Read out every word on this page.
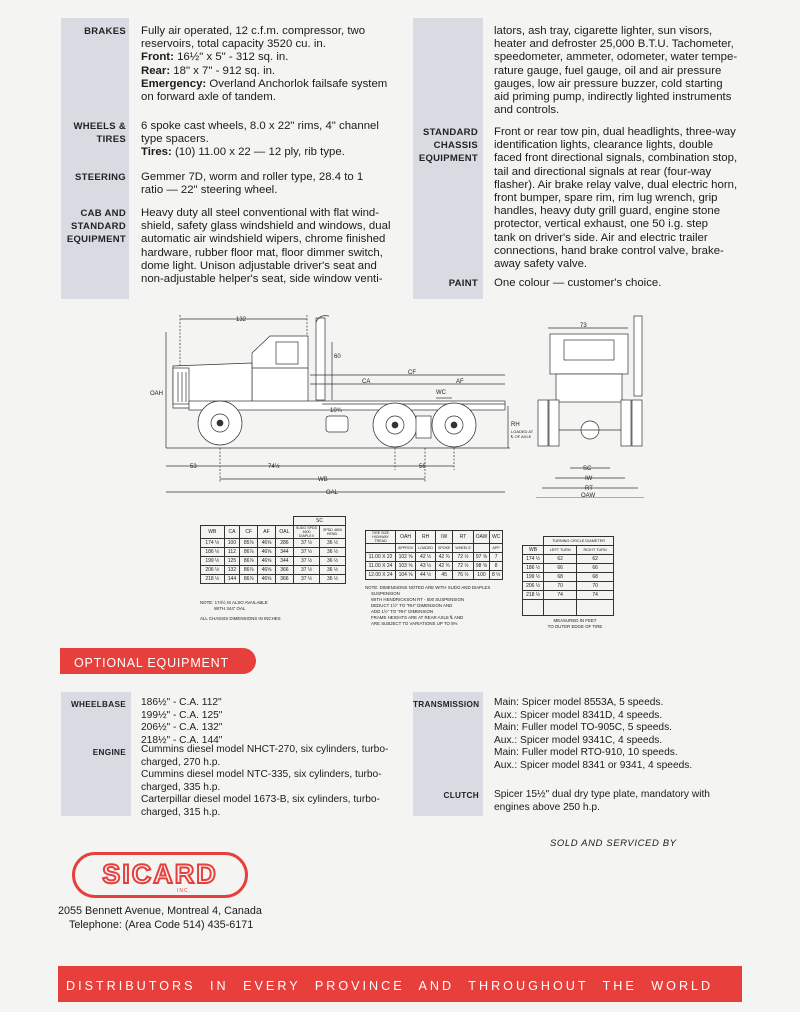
BRAKES Fully air operated, 12 c.f.m. compressor, two
reservoirs, total capacity 3520 cu. in.
Front: 16½" x 5" - 312 sq. in.
Rear: 18" x 7" - 912 sq. in.
Emergency: Overland Anchorlok failsafe system
on forward axle of tandem.
WHEELS &
TIRES
6 spoke cast wheels, 8.0 x 22" rims, 4" channel
type spacers.
Tires: (10) 11.00 x 22 — 12 ply, rib type.
STEERING Gemmer 7D, worm and roller type, 28.4 to 1
ratio — 22" steering wheel.
CAB AND
STANDARD
EQUIPMENT
Heavy duty all steel conventional with flat wind-
shield, safety glass windshield and windows, dual
automatic air windshield wipers, chrome finished
hardware, rubber floor mat, floor dimmer switch,
dome light. Unison adjustable driver's seat and
non-adjustable helper's seat, side window venti-
lators, ash tray, cigarette lighter, sun visors,
heater and defroster 25,000 B.T.U. Tachometer,
speedometer, ammeter, odometer, water tempe-
rature gauge, fuel gauge, oil and air pressure
gauges, low air pressure buzzer, cold starting
aid priming pump, indirectly lighted instruments
and controls.
STANDARD
CHASSIS
EQUIPMENT
Front or rear tow pin, dual headlights, three-way
identification lights, clearance lights, double
faced front directional signals, combination stop,
tail and directional signals at rear (four-way
flasher). Air brake relay valve, dual electric horn,
front bumper, spare rim, rim lug wrench, grip
handles, heavy duty grill guard, engine stone
protector, vertical exhaust, one 50 i.g. step
tank on driver's side. Air and electric trailer
connections, hand brake control valve, brake-
away safety valve.
PAINT One colour — customer's choice.
132
60
10¾
OAH
CF
CA	AF
WC
RH
LOADED AT
℄ OF AXLE
53	74½	56
WB
OAL
73
SC
IW
RT
OAW
					SC	
WB	CA	CF	AF	OAL	SUDO SPDD 4600 DIAPLEX	SPDD 4600 HEND.
174 ½	100	85⅞	46⅝	286	37 ½	36 ½
186 ½	112	86⅞	46⅝	344	37 ½	36 ½
199 ½	125	86⅞	46⅝	344	37 ½	36 ½
206 ½	132	86⅞	46⅝	366	37 ½	36 ½
218 ½	144	86⅞	46⅝	366	37 ½	36 ½
NOTE: 174½ IS ALSO AVAILABLE
WITH 344" OAL
ALL CHASSIS DIMENSIONS IN INCHES
TIRE SIZE HIGHWAY TREAD	OAH	RH	IW	RT	OAW	WC
	APPROX	LOADED	SPOKE	WHEELS		APP
11.00 X 22	102 ⅝	42 ½	42 ¾	72 ½	97 ⅝	7
11.00 X 24	103 ⅝	43 ½	42 ¾	72 ½	98 ⅝	8
12.00 X 24	104 ⅝	44 ½	45	76 ½	100	8 ½
NOTE: DIMENSIONS NOTED ARE WITH SUDO AND DIAPLEX
SUSPENSION
WITH HENDRICKSON RT - 500 SUSPENSION
DEDUCT 1½" TO "RH" DIMENSION AND
ADD 1½" TO "RH" DIMENSION
FRAME HEIGHTS ARE AT REAR AXLE ℄ AND
ARE SUBJECT TO VARIATIONS UP TO 5%
	TURNING CIRCLE DIAMETER	
WB	LEFT TURN	RIGHT TURN
174 ½	62	62
186 ½	66	66
199 ½	68	68
206 ½	70	70
218 ½	74	74

MEASURED IN FEET
TO OUTER EDGE OF TIRE
OPTIONAL EQUIPMENT
WHEELBASE 186½" - C.A. 112"
199½" - C.A. 125"
206½" - C.A. 132"
218½" - C.A. 144"
ENGINE Cummins diesel model NHCT-270, six cylinders, turbo-
charged, 270 h.p.
Cummins diesel model NTC-335, six cylinders, turbo-
charged, 335 h.p.
Carterpillar diesel model 1673-B, six cylinders, turbo-
charged, 315 h.p.
TRANSMISSION Main: Spicer model 8553A, 5 speeds.
Aux.: Spicer model 8341D, 4 speeds.
Main: Fuller model TO-905C, 5 speeds.
Aux.: Spicer model 9341C, 4 speeds.
Main: Fuller model RTO-910, 10 speeds.
Aux.: Spicer model 8341 or 9341, 4 speeds.
CLUTCH Spicer 15½" dual dry type plate, mandatory with
engines above 250 h.p.
SOLD AND SERVICED BY
SICARD
INC.
2055 Bennett Avenue, Montreal 4, Canada
Telephone: (Area Code 514) 435-6171
DISTRIBUTORS IN EVERY PROVINCE AND THROUGHOUT THE WORLD
